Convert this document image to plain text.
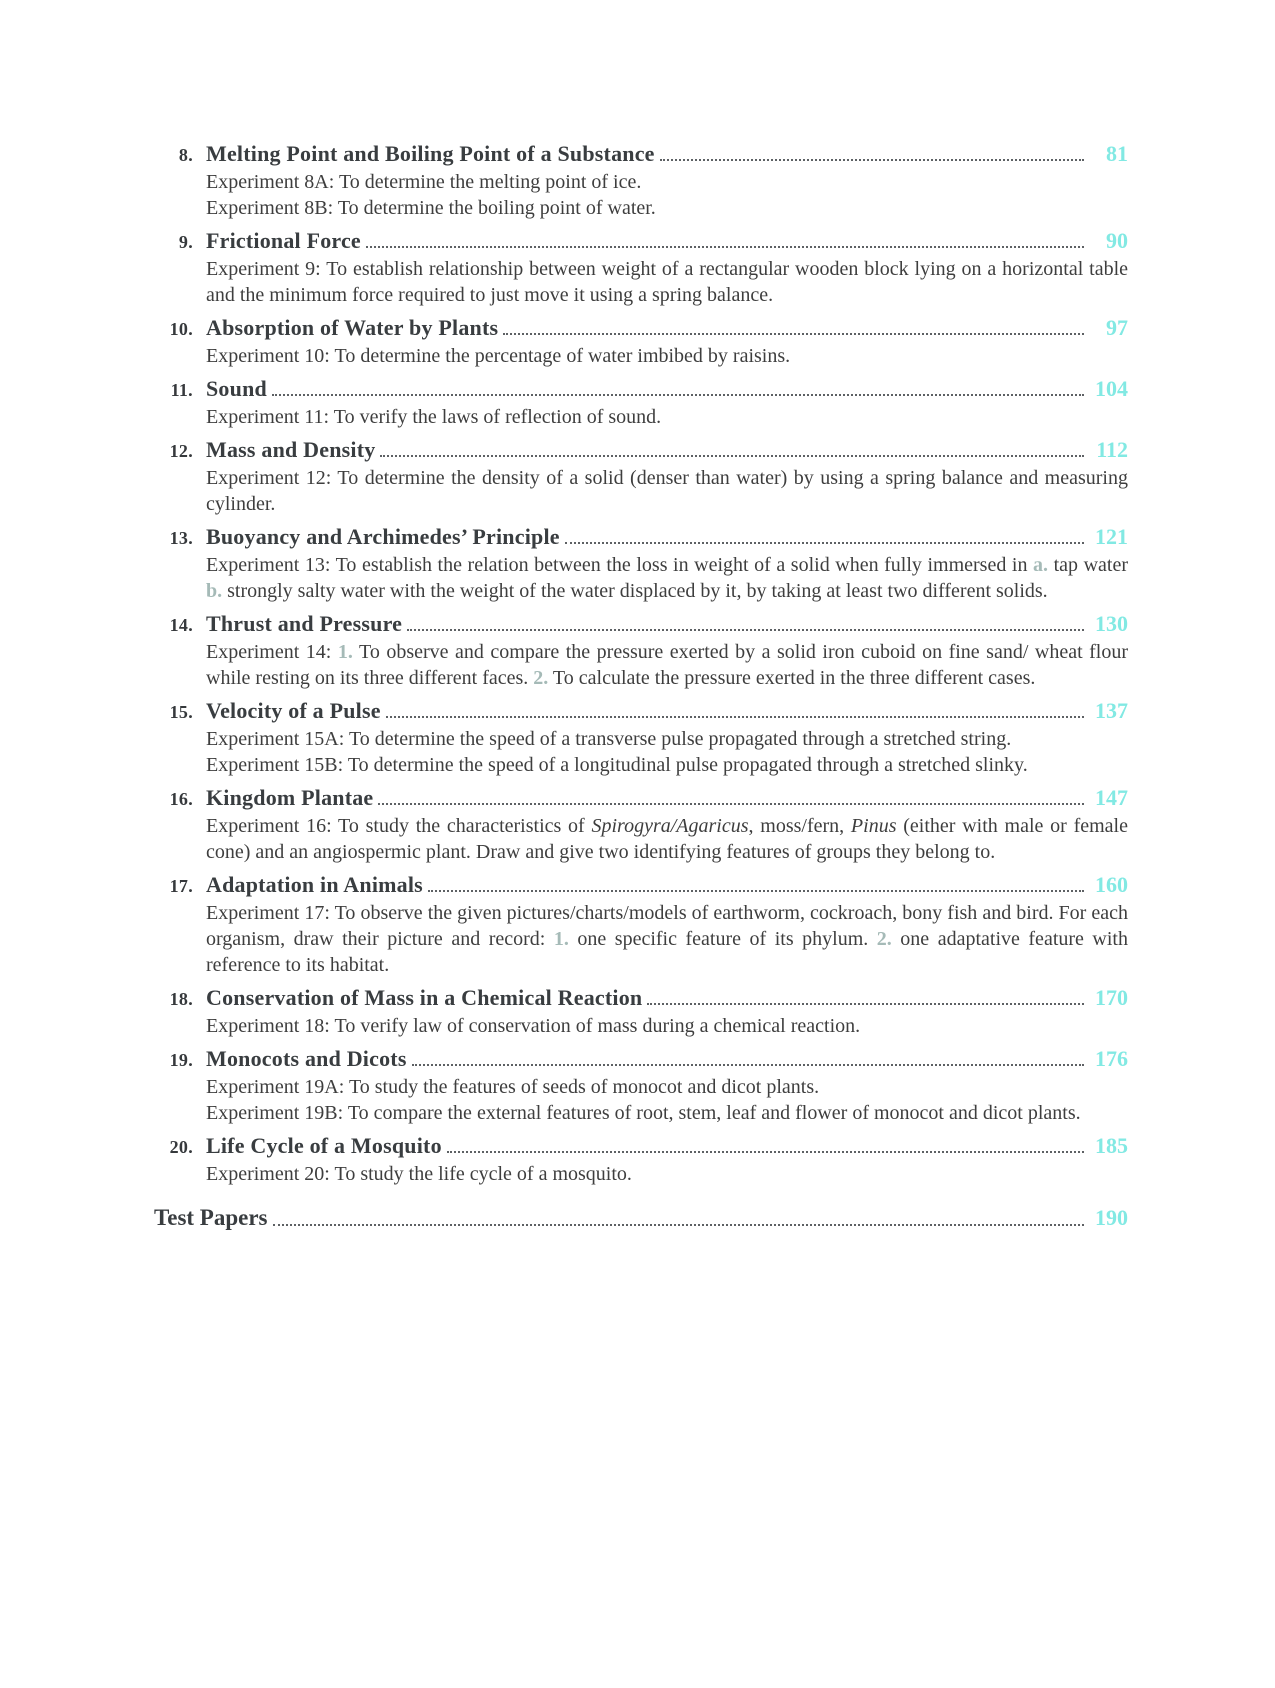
8. Melting Point and Boiling Point of a Substance	81

Experiment 8A: To determine the melting point of ice.

Experiment 8B: To determine the boiling point of water.

9. Frictional Force	90

Experiment 9: To establish relationship between weight of a rectangular wooden block lying on a horizontal table and the minimum force required to just move it using a spring balance.

10. Absorption of Water by Plants	97

Experiment 10: To determine the percentage of water imbibed by raisins.

11. Sound	104

Experiment 11: To verify the laws of reflection of sound.

12. Mass and Density	112

Experiment 12: To determine the density of a solid (denser than water) by using a spring balance and measuring cylinder.

13. Buoyancy and Archimedes’ Principle	121

Experiment 13: To establish the relation between the loss in weight of a solid when fully immersed in a. tap water b. strongly salty water with the weight of the water displaced by it, by taking at least two different solids.

14. Thrust and Pressure	130

Experiment 14: 1. To observe and compare the pressure exerted by a solid iron cuboid on fine sand/ wheat flour while resting on its three different faces. 2. To calculate the pressure exerted in the three different cases.

15. Velocity of a Pulse	137

Experiment 15A: To determine the speed of a transverse pulse propagated through a stretched string.

Experiment 15B: To determine the speed of a longitudinal pulse propagated through a stretched slinky.

16. Kingdom Plantae	147

Experiment 16: To study the characteristics of Spirogyra/Agaricus, moss/fern, Pinus (either with male or female cone) and an angiospermic plant. Draw and give two identifying features of groups they belong to.

17. Adaptation in Animals	160

Experiment 17: To observe the given pictures/charts/models of earthworm, cockroach, bony fish and bird. For each organism, draw their picture and record: 1. one specific feature of its phylum. 2. one adaptative feature with reference to its habitat.

18. Conservation of Mass in a Chemical Reaction	170

Experiment 18: To verify law of conservation of mass during a chemical reaction.

19. Monocots and Dicots	176

Experiment 19A: To study the features of seeds of monocot and dicot plants.

Experiment 19B: To compare the external features of root, stem, leaf and flower of monocot and dicot plants.

20. Life Cycle of a Mosquito	185

Experiment 20: To study the life cycle of a mosquito.

Test Papers	190
